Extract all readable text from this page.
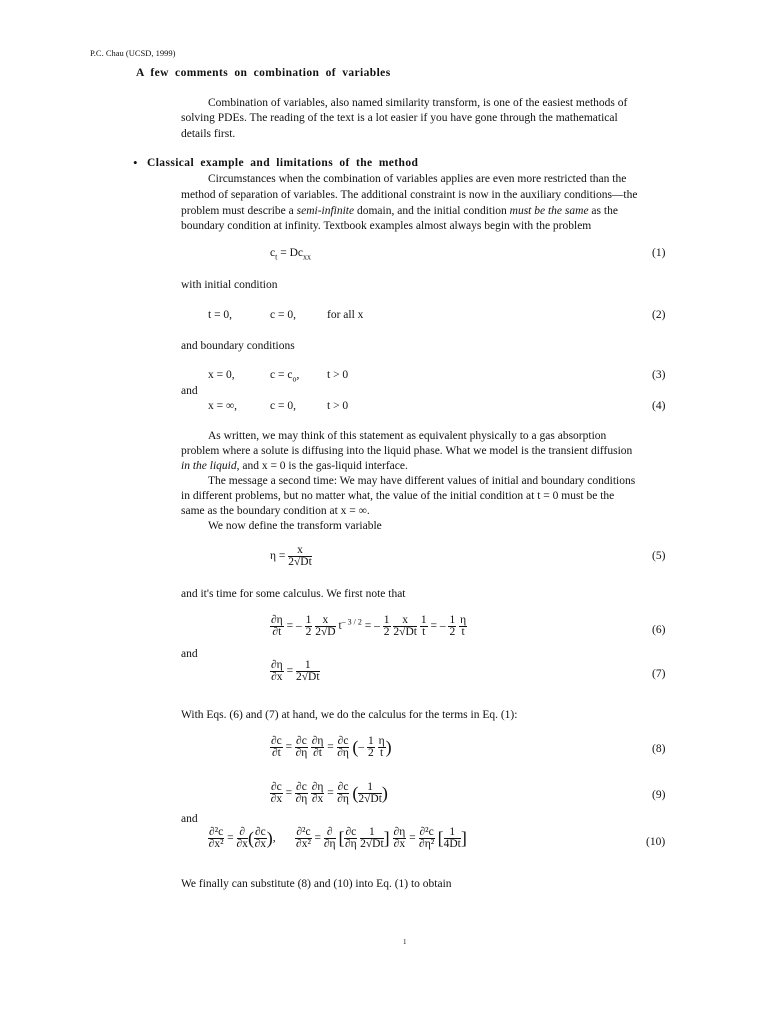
P.C. Chau (UCSD, 1999)
A few comments on combination of variables
Combination of variables, also named similarity transform, is one of the easiest methods of
solving PDEs. The reading of the text is a lot easier if you have gone through the mathematical
details first.
• Classical example and limitations of the method
Circumstances when the combination of variables applies are even more restricted than the
method of separation of variables. The additional constraint is now in the auxiliary conditions—the
problem must describe a semi-infinite domain, and the initial condition must be the same as the
boundary condition at infinity. Textbook examples almost always begin with the problem
$c_t = Dc_{xx}$	(1)
with initial condition
t = 0,	c = 0,	for all x	(2)
and boundary conditions
x = 0,	$c = c_o$, t > 0	(3)
and
x = ∞,	c = 0,	t > 0	(4)
As written, we may think of this statement as equivalent physically to a gas absorption
problem where a solute is diffusing into the liquid phase. What we model is the transient diffusion
in the liquid, and x = 0 is the gas-liquid interface.
The message a second time: We may have different values of initial and boundary conditions
in different problems, but no matter what, the value of the initial condition at t = 0 must be the
same as the boundary condition at x = ∞.
We now define the transform variable
$\eta = \frac{x}{2√Dt}$	(5)
and it's time for some calculus. We first note that
$\frac{\partial\eta}{\partial t}$ = – $\frac{1}{2}$
$\frac{x}{2√D} t^{- 3 / 2}$ = – $\frac{1}{2}$
$\frac{x}{2√Dt}$
$\frac{1}{t}$ = – $\frac{1}{2}$
$\frac{\eta}{t}$	(6)
and
$\frac{\partial\eta}{\partial x} = \frac{1}{2√Dt}$	(7)
With Eqs. (6) and (7) at hand, we do the calculus for the terms in Eq. (1):
$\frac{\partial c}{\partial t} = \frac{\partial c}{\partial\eta}$
$\frac{\partial\eta}{\partial t} = \frac{\partial c}{\partial\eta}$ (– $\frac{1}{2}$
$\frac{\eta}{t}$ )	(8)
$\frac{\partial c}{\partial x} = \frac{\partial c}{\partial\eta}$
$\frac{\partial\eta}{\partial x} = \frac{\partial c}{\partial\eta}$ ( $\frac{1}{2√Dt}$ )	(9)
and
$\frac{\text{∂²c}}{\text{∂x²}} = \frac{\partial}{\partial x}$ ( $\frac{\partial c}{\partial x}$ ), $\frac{\text{∂²c}}{\text{∂x²}} = \frac{\partial}{\partial\eta}$ [ $\frac{\partial c}{\partial\eta}$
$\frac{1}{2√Dt}$ ] $\frac{\partial\eta}{\partial x} = \frac{\text{∂²c}}{\text{∂η²}}$ [ $\frac{1}{4Dt}$ ]	(10)
We finally can substitute (8) and (10) into Eq. (1) to obtain
1
